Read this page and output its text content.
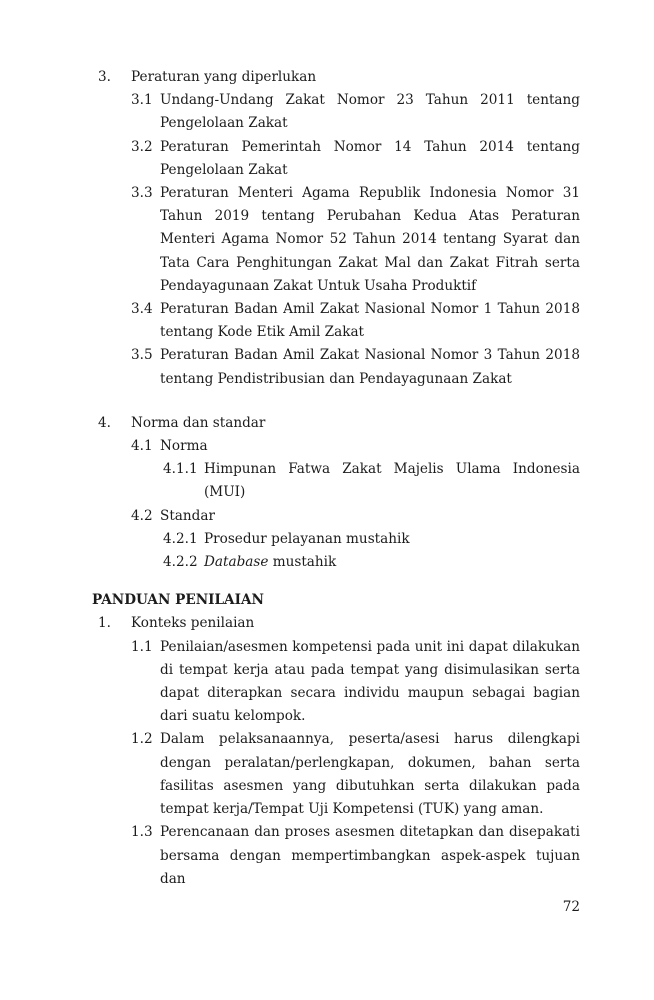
3.	Peraturan yang diperlukan
3.1 Undang-Undang Zakat Nomor 23 Tahun 2011 tentang Pengelolaan Zakat
3.2 Peraturan Pemerintah Nomor 14 Tahun 2014 tentang Pengelolaan Zakat
3.3 Peraturan Menteri Agama Republik Indonesia Nomor 31 Tahun 2019 tentang Perubahan Kedua Atas Peraturan Menteri Agama Nomor 52 Tahun 2014 tentang Syarat dan Tata Cara Penghitungan Zakat Mal dan Zakat Fitrah serta Pendayagunaan Zakat Untuk Usaha Produktif
3.4 Peraturan Badan Amil Zakat Nasional Nomor 1 Tahun 2018 tentang Kode Etik Amil Zakat
3.5 Peraturan Badan Amil Zakat Nasional Nomor 3 Tahun 2018 tentang Pendistribusian dan Pendayagunaan Zakat
4.	Norma dan standar
4.1 Norma
4.1.1 Himpunan Fatwa Zakat Majelis Ulama Indonesia (MUI)
4.2 Standar
4.2.1 Prosedur pelayanan mustahik
4.2.2 Database mustahik
PANDUAN PENILAIAN
1.	Konteks penilaian
1.1 Penilaian/asesmen kompetensi pada unit ini dapat dilakukan di tempat kerja atau pada tempat yang disimulasikan serta dapat diterapkan secara individu maupun sebagai bagian dari suatu kelompok.
1.2 Dalam pelaksanaannya, peserta/asesi harus dilengkapi dengan peralatan/perlengkapan, dokumen, bahan serta fasilitas asesmen yang dibutuhkan serta dilakukan pada tempat kerja/Tempat Uji Kompetensi (TUK) yang aman.
1.3 Perencanaan dan proses asesmen ditetapkan dan disepakati bersama dengan mempertimbangkan aspek-aspek tujuan dan
72
